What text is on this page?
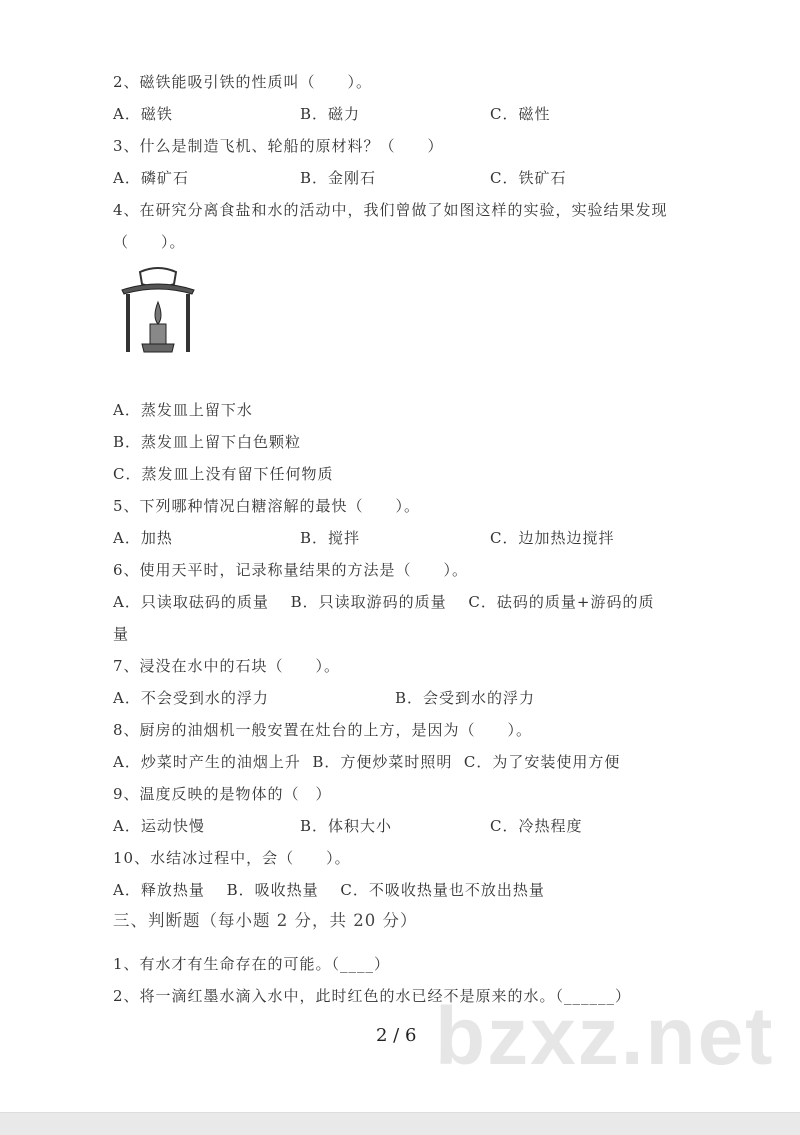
2、磁铁能吸引铁的性质叫（　　）。
A．磁铁	B．磁力	C．磁性
3、什么是制造飞机、轮船的原材料？（　　）
A．磷矿石	B．金刚石	C．铁矿石
4、在研究分离食盐和水的活动中，我们曾做了如图这样的实验，实验结果发现
（　　）。
A．蒸发皿上留下水
B．蒸发皿上留下白色颗粒
C．蒸发皿上没有留下任何物质
5、下列哪种情况白糖溶解的最快（　　）。
A．加热	B．搅拌	C．边加热边搅拌
6、使用天平时，记录称量结果的方法是（　　）。
A．只读取砝码的质量　 B．只读取游码的质量　 C．砝码的质量+游码的质
量
7、浸没在水中的石块（　　）。
A．不会受到水的浮力	B．会受到水的浮力
8、厨房的油烟机一般安置在灶台的上方，是因为（　　）。
A．炒菜时产生的油烟上升  B．方便炒菜时照明  C．为了安装使用方便
9、温度反映的是物体的（　）
A．运动快慢	B．体积大小	C．冷热程度
10、水结冰过程中，会（　　）。
A．释放热量　 B．吸收热量　 C．不吸收热量也不放出热量
三、判断题（每小题 2 分，共 20 分）
1、有水才有生命存在的可能。（____）
2、将一滴红墨水滴入水中，此时红色的水已经不是原来的水。（______）
bzxz.net
2 / 6
